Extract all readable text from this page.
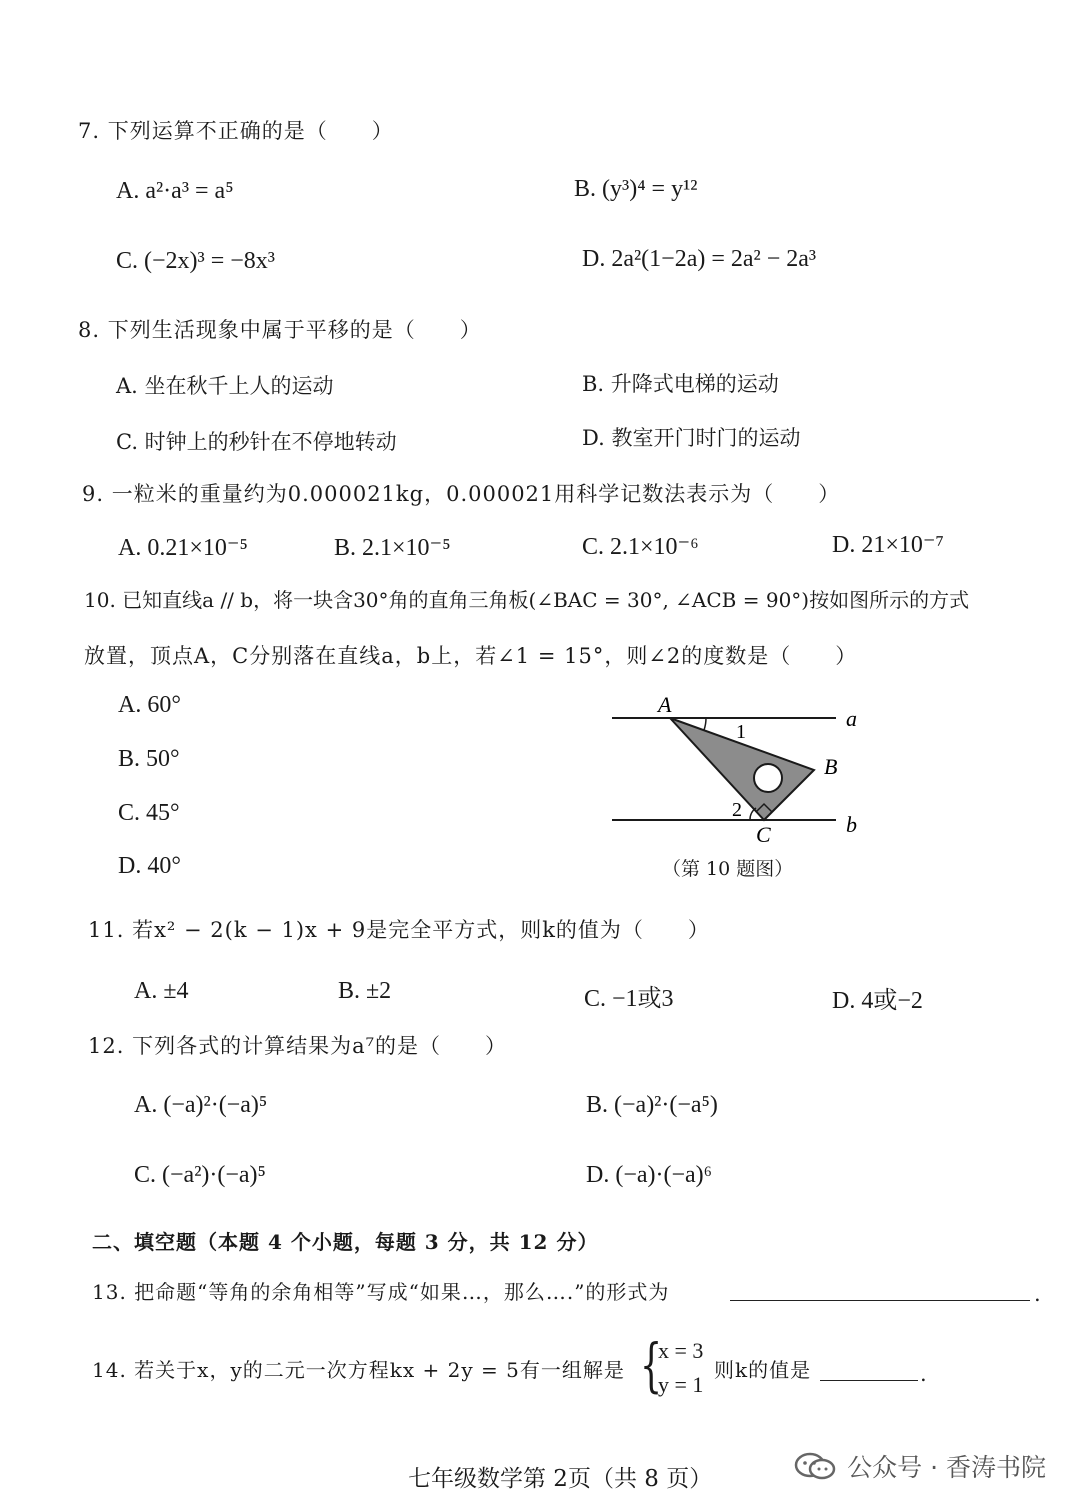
7. 下列运算不正确的是（　　）
A. a²·a³ = a⁵	B. (y³)⁴ = y¹²
C. (−2x)³ = −8x³	D. 2a²(1−2a) = 2a² − 2a³
8. 下列生活现象中属于平移的是（　　）
A. 坐在秋千上人的运动	B. 升降式电梯的运动
C. 时钟上的秒针在不停地转动	D. 教室开门时门的运动
9. 一粒米的重量约为0.000021kg，0.000021用科学记数法表示为（　　）
A. 0.21×10⁻⁵	B. 2.1×10⁻⁵	C. 2.1×10⁻⁶	D. 21×10⁻⁷
10. 已知直线a // b，将一块含30°角的直角三角板(∠BAC = 30°, ∠ACB = 90°)按如图所示的方式
放置，顶点A，C分别落在直线a，b上，若∠1 = 15°，则∠2的度数是（　　）
A. 60°
B. 50°
C. 45°
D. 40°
A
a
1
B
2
C	b
（第 10 题图）
11. 若x² − 2(k − 1)x + 9是完全平方式，则k的值为（　　）
A. ±4	B. ±2	C. −1或3	D. 4或−2
12. 下列各式的计算结果为a⁷的是（　　）
A. (−a)²·(−a)⁵	B. (−a)²·(−a⁵)
C. (−a²)·(−a)⁵	D. (−a)·(−a)⁶
二、填空题（本题 4 个小题，每题 3 分，共 12 分）
13. 把命题“等角的余角相等”写成“如果…，那么….”的形式为	.
14. 若关于x，y的二元一次方程kx + 2y = 5有一组解是 {
x = 3
y = 1
则k的值是	.
七年级数学第 2页（共 8 页）	公众号 · 香涛书院
